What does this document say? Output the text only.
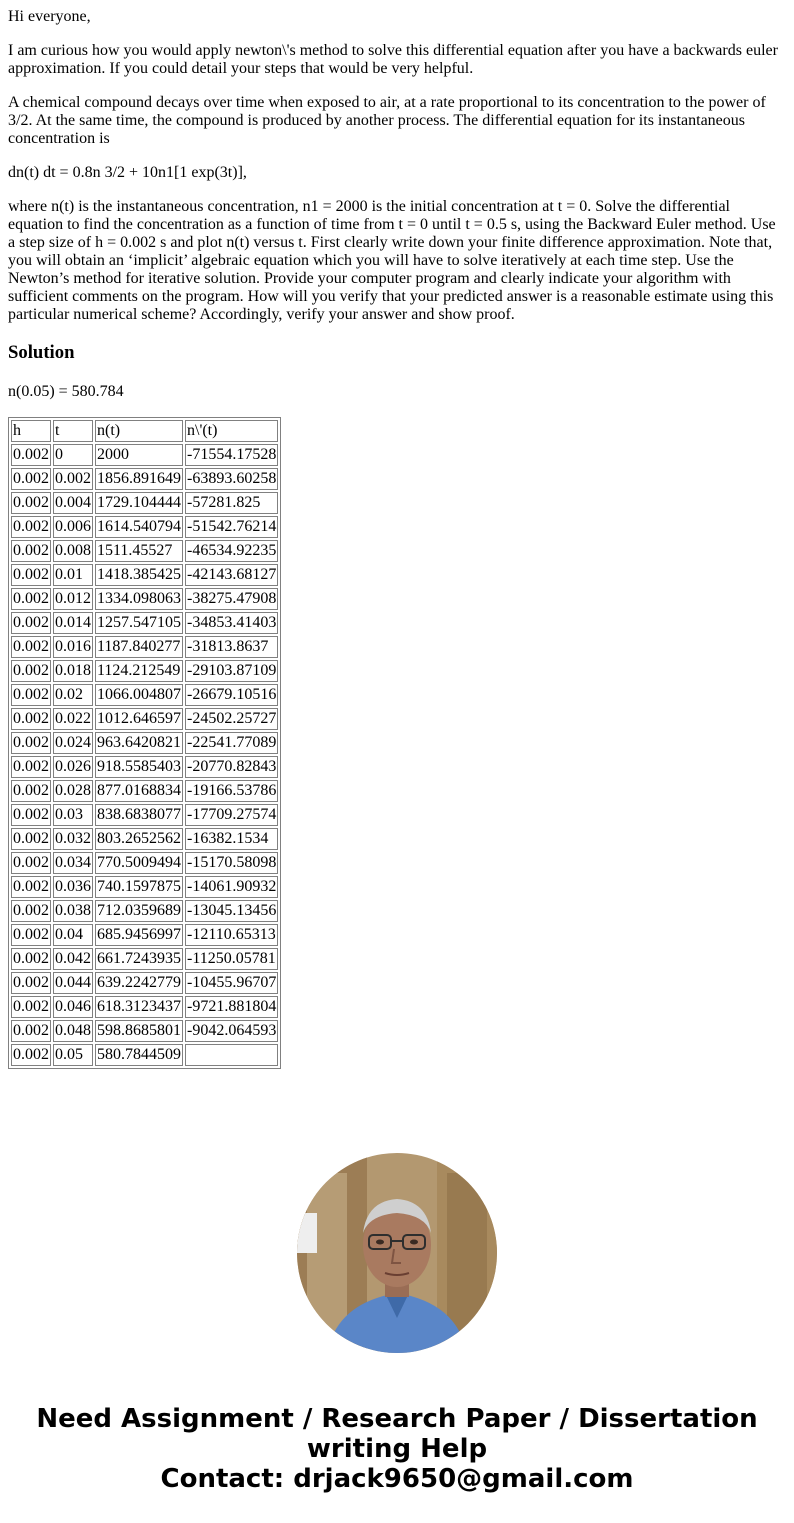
Hi everyone,

I am curious how you would apply newton\'s method to solve this differential equation after you have a backwards euler approximation. If you could detail your steps that would be very helpful.

A chemical compound decays over time when exposed to air, at a rate proportional to its concentration to the power of 3/2. At the same time, the compound is produced by another process. The differential equation for its instantaneous concentration is

dn(t) dt = 0.8n 3/2 + 10n1[1 exp(3t)],

where n(t) is the instantaneous concentration, n1 = 2000 is the initial concentration at t = 0. Solve the differential equation to find the concentration as a function of time from t = 0 until t = 0.5 s, using the Backward Euler method. Use a step size of h = 0.002 s and plot n(t) versus t. First clearly write down your finite difference approximation. Note that, you will obtain an ‘implicit’ algebraic equation which you will have to solve iteratively at each time step. Use the Newton’s method for iterative solution. Provide your computer program and clearly indicate your algorithm with sufficient comments on the program. How will you verify that your predicted answer is a reasonable estimate using this particular numerical scheme? Accordingly, verify your answer and show proof.

Solution

n(0.05) = 580.784

h	t	n(t)	n\'(t)
0.002	0	2000	-71554.17528
0.002	0.002	1856.891649	-63893.60258
0.002	0.004	1729.104444	-57281.825
0.002	0.006	1614.540794	-51542.76214
0.002	0.008	1511.45527	-46534.92235
0.002	0.01	1418.385425	-42143.68127
0.002	0.012	1334.098063	-38275.47908
0.002	0.014	1257.547105	-34853.41403
0.002	0.016	1187.840277	-31813.8637
0.002	0.018	1124.212549	-29103.87109
0.002	0.02	1066.004807	-26679.10516
0.002	0.022	1012.646597	-24502.25727
0.002	0.024	963.6420821	-22541.77089
0.002	0.026	918.5585403	-20770.82843
0.002	0.028	877.0168834	-19166.53786
0.002	0.03	838.6838077	-17709.27574
0.002	0.032	803.2652562	-16382.1534
0.002	0.034	770.5009494	-15170.58098
0.002	0.036	740.1597875	-14061.90932
0.002	0.038	712.0359689	-13045.13456
0.002	0.04	685.9456997	-12110.65313
0.002	0.042	661.7243935	-11250.05781
0.002	0.044	639.2242779	-10455.96707
0.002	0.046	618.3123437	-9721.881804
0.002	0.048	598.8685801	-9042.064593
0.002	0.05	580.7844509	
Need Assignment / Research Paper / Dissertation
writing Help
Contact: drjack9650@gmail.com
